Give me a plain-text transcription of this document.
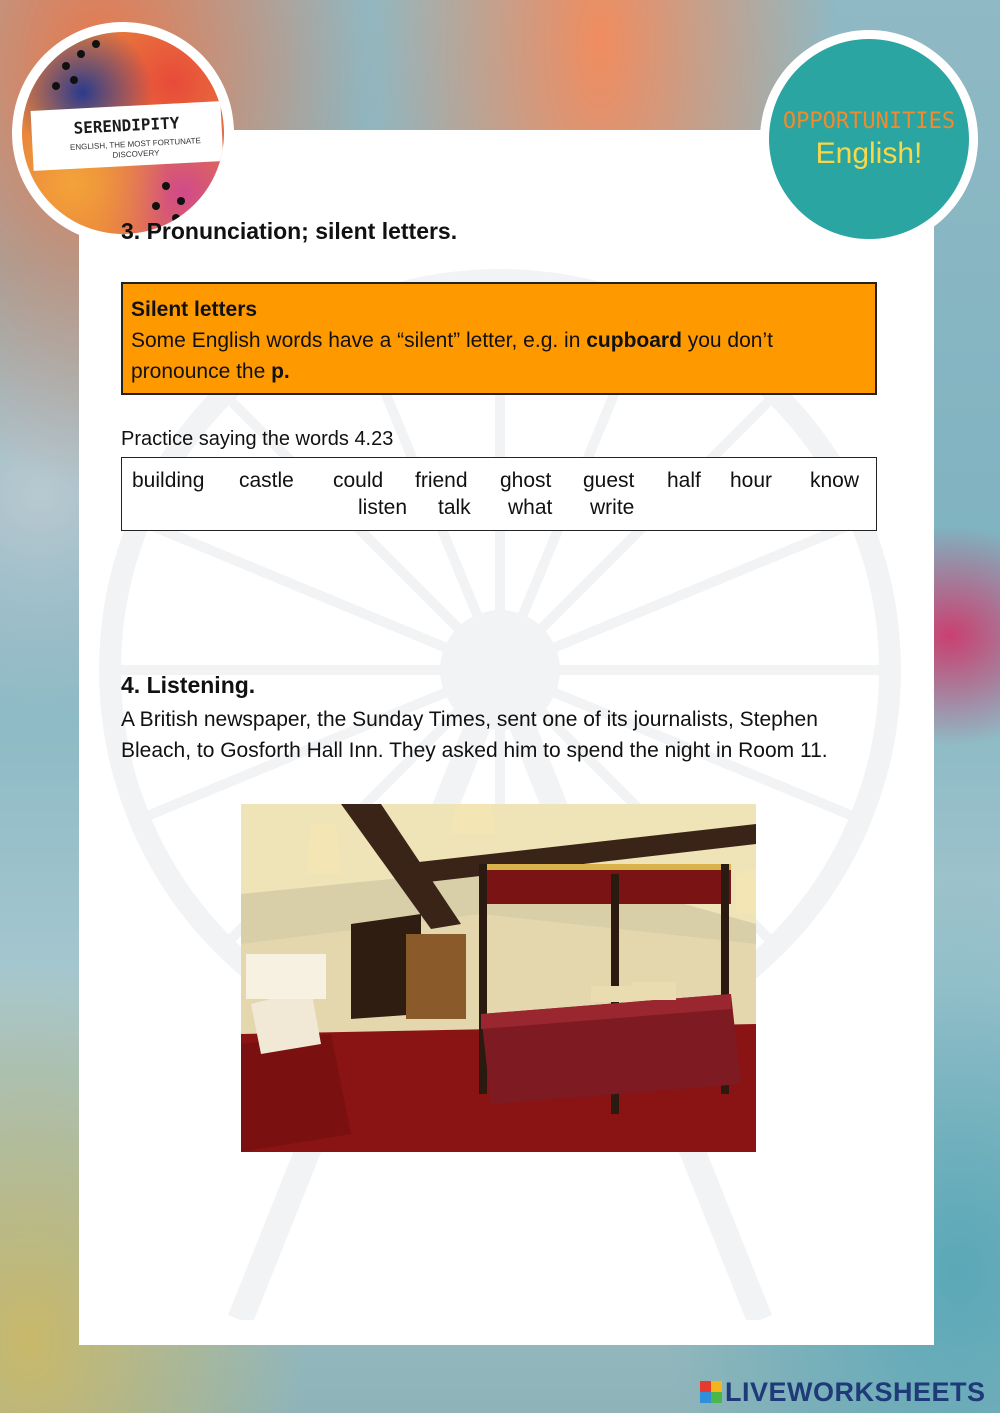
SERENDIPITY
ENGLISH, THE MOST FORTUNATE DISCOVERY
OPPORTUNITIES
English!
3. Pronunciation; silent letters.
Silent letters
Some English words have a “silent” letter, e.g. in cupboard you don’t pronounce the p.
Practice saying the words 4.23
building castle could friend ghost guest half hour know
listen talk what write
4. Listening.
A British newspaper, the Sunday Times, sent one of its journalists, Stephen Bleach, to Gosforth Hall Inn. They asked him to spend the night in Room 11.
LIVEWORKSHEETS
